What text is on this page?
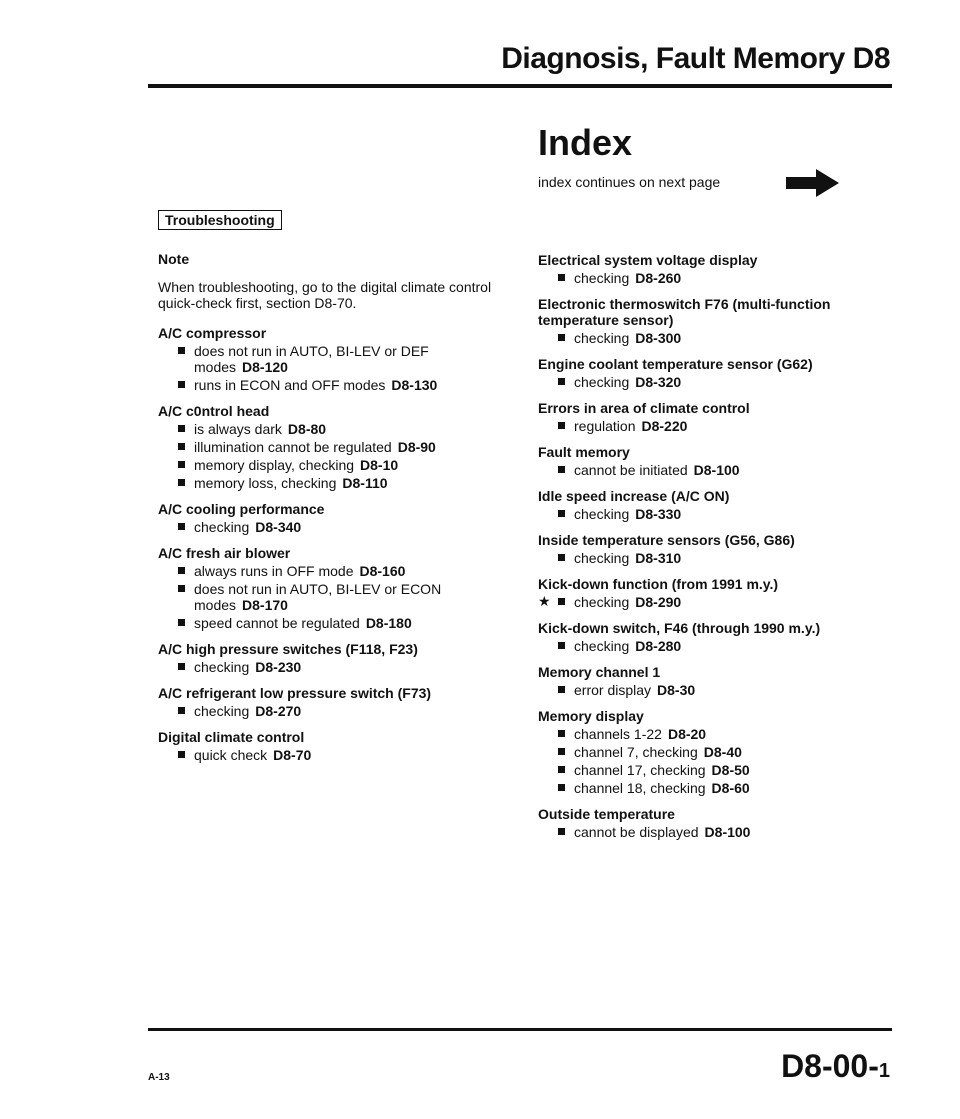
Diagnosis, Fault Memory D8
Troubleshooting
Note
When troubleshooting, go to the digital climate control quick-check first, section D8-70.
A/C compressor
does not run in AUTO, BI-LEV or DEF modes D8-120
runs in ECON and OFF modes D8-130
A/C c0ntrol head
is always dark D8-80
illumination cannot be regulated D8-90
memory display, checking D8-10
memory loss, checking D8-110
A/C cooling performance
checking D8-340
A/C fresh air blower
always runs in OFF mode D8-160
does not run in AUTO, BI-LEV or ECON modes D8-170
speed cannot be regulated D8-180
A/C high pressure switches (F118, F23)
checking D8-230
A/C refrigerant low pressure switch (F73)
checking D8-270
Digital climate control
quick check D8-70
Index
index continues on next page
Electrical system voltage display
checking D8-260
Electronic thermoswitch F76 (multi-function temperature sensor)
checking D8-300
Engine coolant temperature sensor (G62)
checking D8-320
Errors in area of climate control
regulation D8-220
Fault memory
cannot be initiated D8-100
Idle speed increase (A/C ON)
checking D8-330
Inside temperature sensors (G56, G86)
checking D8-310
Kick-down function (from 1991 m.y.)
★ checking D8-290
Kick-down switch, F46 (through 1990 m.y.)
checking D8-280
Memory channel 1
error display D8-30
Memory display
channels 1-22 D8-20
channel 7, checking D8-40
channel 17, checking D8-50
channel 18, checking D8-60
Outside temperature
cannot be displayed D8-100
A-13	D8-00-1
